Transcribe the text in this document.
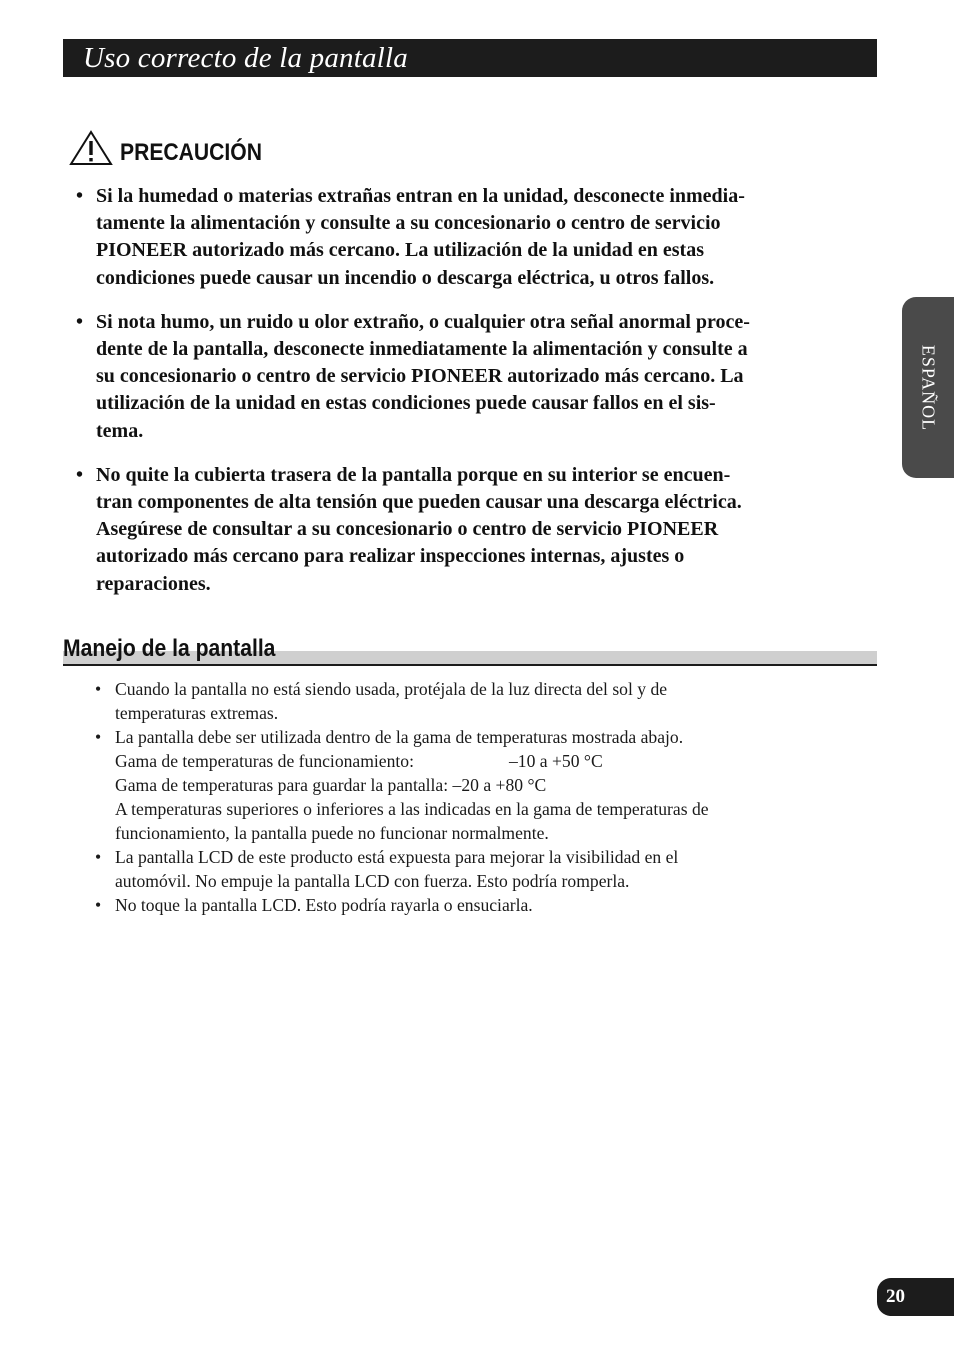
Uso correcto de la pantalla
PRECAUCIÓN
• Si la humedad o materias extrañas entran en la unidad, desconecte inmedia-
tamente la alimentación y consulte a su concesionario o centro de servicio
PIONEER autorizado más cercano. La utilización de la unidad en estas
condiciones puede causar un incendio o descarga eléctrica, u otros fallos.
• Si nota humo, un ruido u olor extraño, o cualquier otra señal anormal proce-
dente de la pantalla, desconecte inmediatamente la alimentación y consulte a
su concesionario o centro de servicio PIONEER autorizado más cercano. La
utilización de la unidad en estas condiciones puede causar fallos en el sis-
tema.
• No quite la cubierta trasera de la pantalla porque en su interior se encuen-
tran componentes de alta tensión que pueden causar una descarga eléctrica.
Asegúrese de consultar a su concesionario o centro de servicio PIONEER
autorizado más cercano para realizar inspecciones internas, ajustes o
reparaciones.
Manejo de la pantalla
• Cuando la pantalla no está siendo usada, protéjala de la luz directa del sol y de
temperaturas extremas.
• La pantalla debe ser utilizada dentro de la gama de temperaturas mostrada abajo.
Gama de temperaturas de funcionamiento:	–10 a +50 °C
Gama de temperaturas para guardar la pantalla: –20 a +80 °C
A temperaturas superiores o inferiores a las indicadas en la gama de temperaturas de
funcionamiento, la pantalla puede no funcionar normalmente.
• La pantalla LCD de este producto está expuesta para mejorar la visibilidad en el
automóvil. No empuje la pantalla LCD con fuerza. Esto podría romperla.
• No toque la pantalla LCD. Esto podría rayarla o ensuciarla.
ESPAÑOL
20
